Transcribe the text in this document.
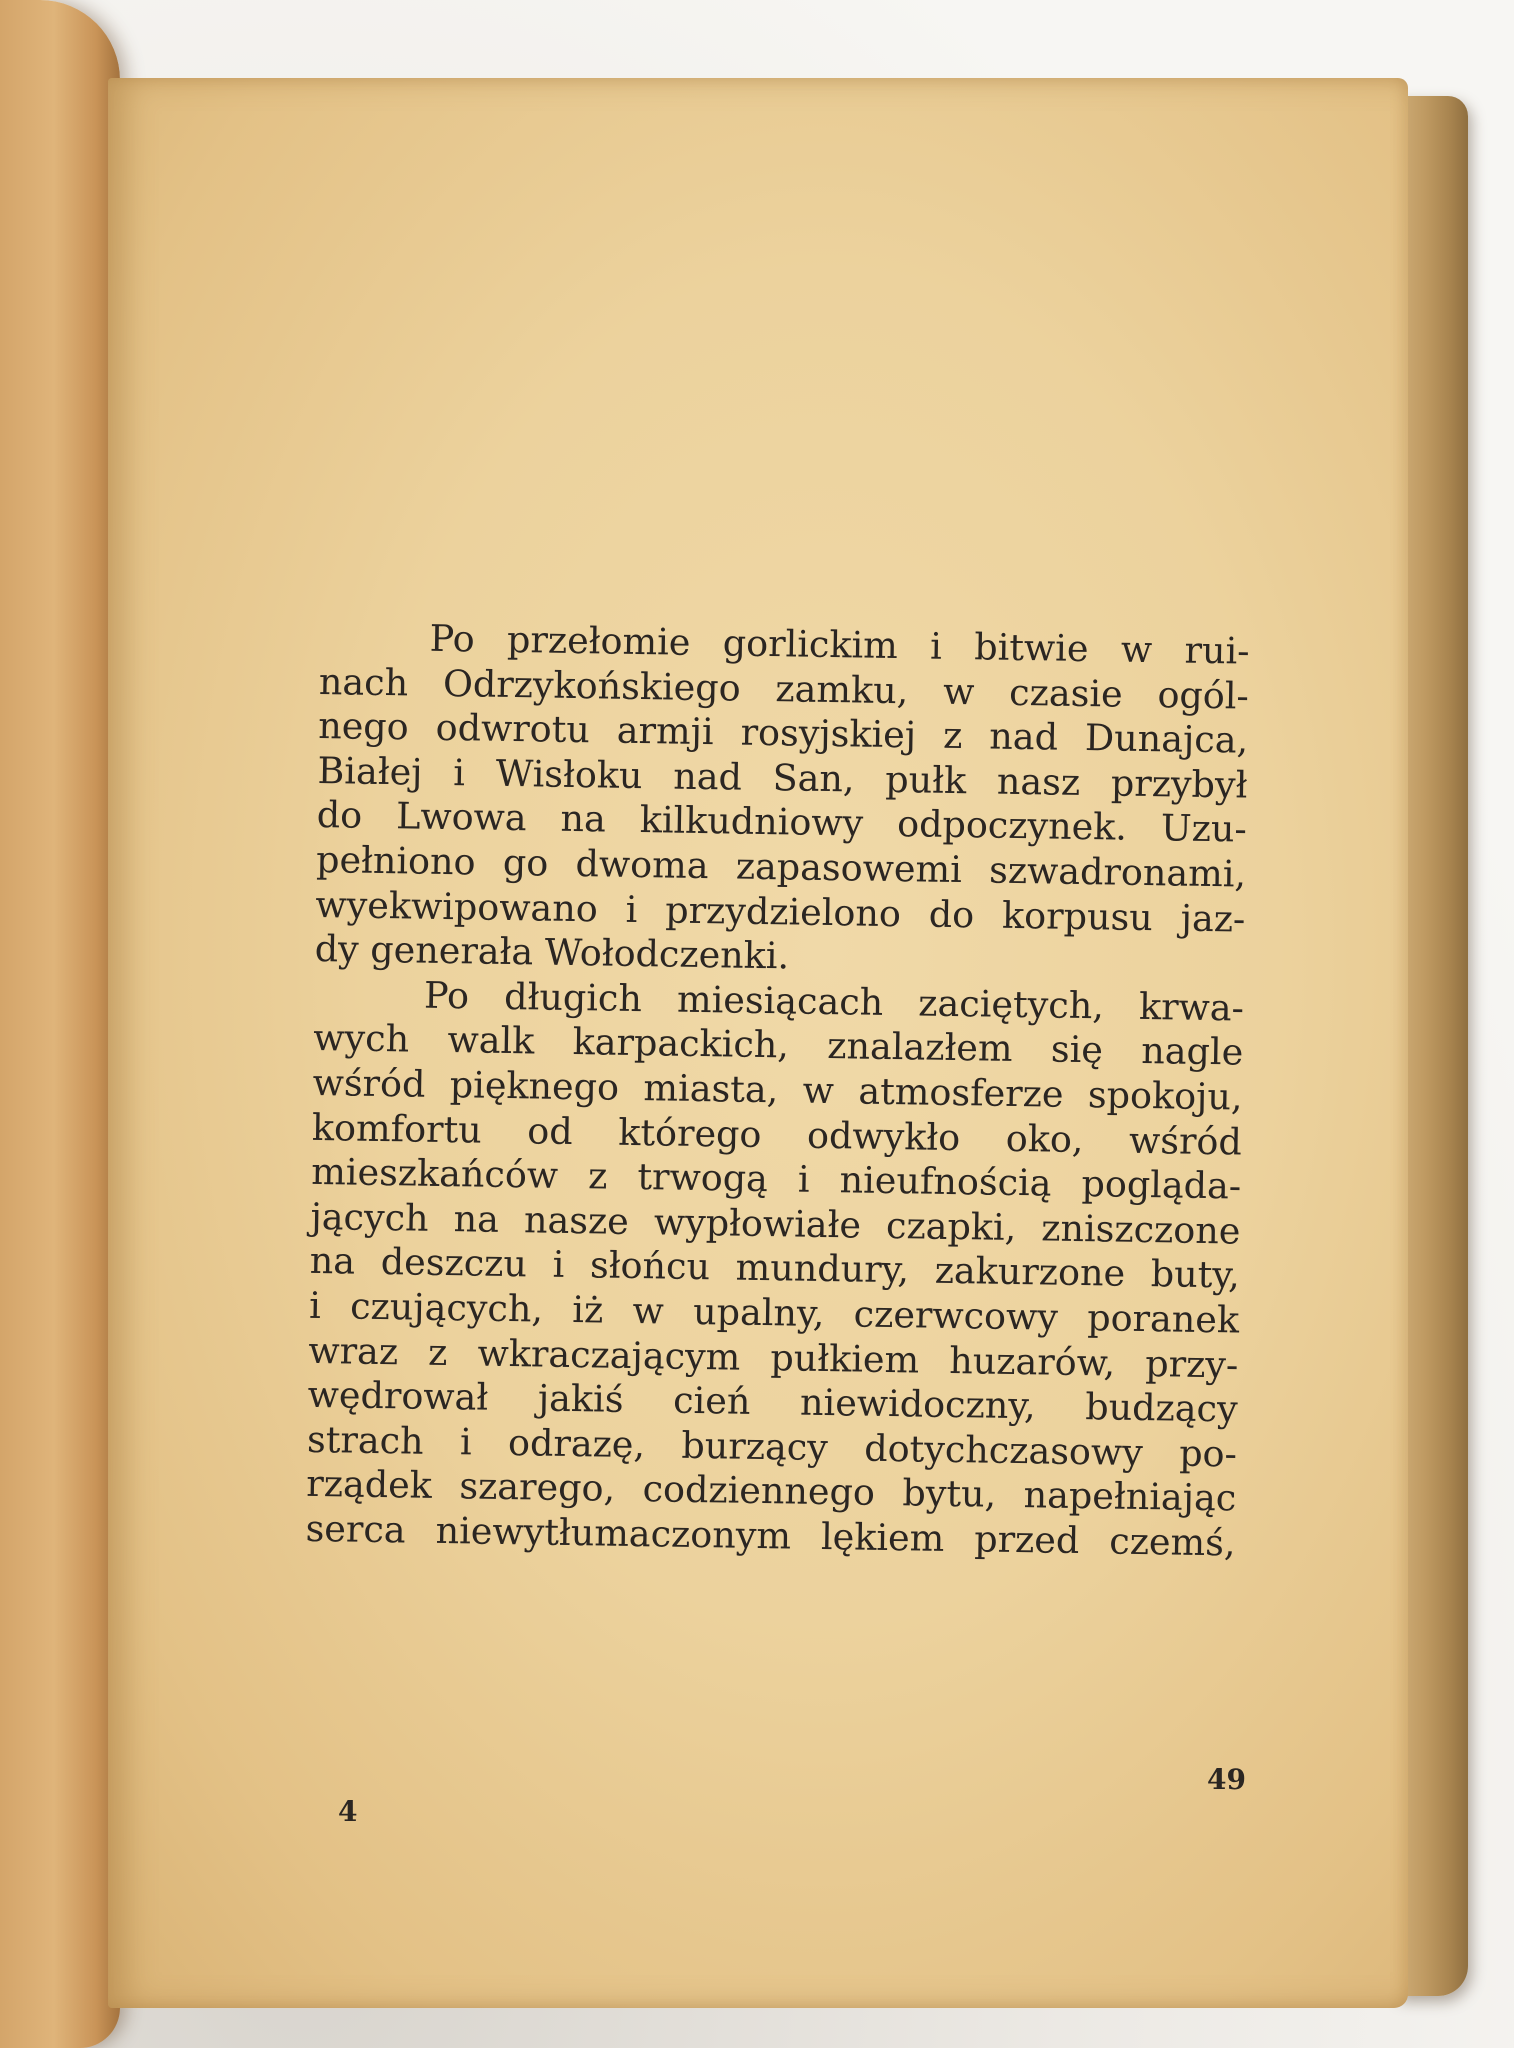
Po przełomie gorlickim i bitwie w rui-
nach Odrzykońskiego zamku, w czasie ogól-
nego odwrotu armji rosyjskiej z nad Dunajca,
Białej i Wisłoku nad San, pułk nasz przybył
do Lwowa na kilkudniowy odpoczynek. Uzu-
pełniono go dwoma zapasowemi szwadronami,
wyekwipowano i przydzielono do korpusu jaz-
dy generała Wołodczenki.
Po długich miesiącach zaciętych, krwa-
wych walk karpackich, znalazłem się nagle
wśród pięknego miasta, w atmosferze spokoju,
komfortu od którego odwykło oko, wśród
mieszkańców z trwogą i nieufnością pogląda-
jących na nasze wypłowiałe czapki, zniszczone
na deszczu i słońcu mundury, zakurzone buty,
i czujących, iż w upalny, czerwcowy poranek
wraz z wkraczającym pułkiem huzarów, przy-
wędrował jakiś cień niewidoczny, budzący
strach i odrazę, burzący dotychczasowy po-
rządek szarego, codziennego bytu, napełniając
serca niewytłumaczonym lękiem przed czemś,
4
49
